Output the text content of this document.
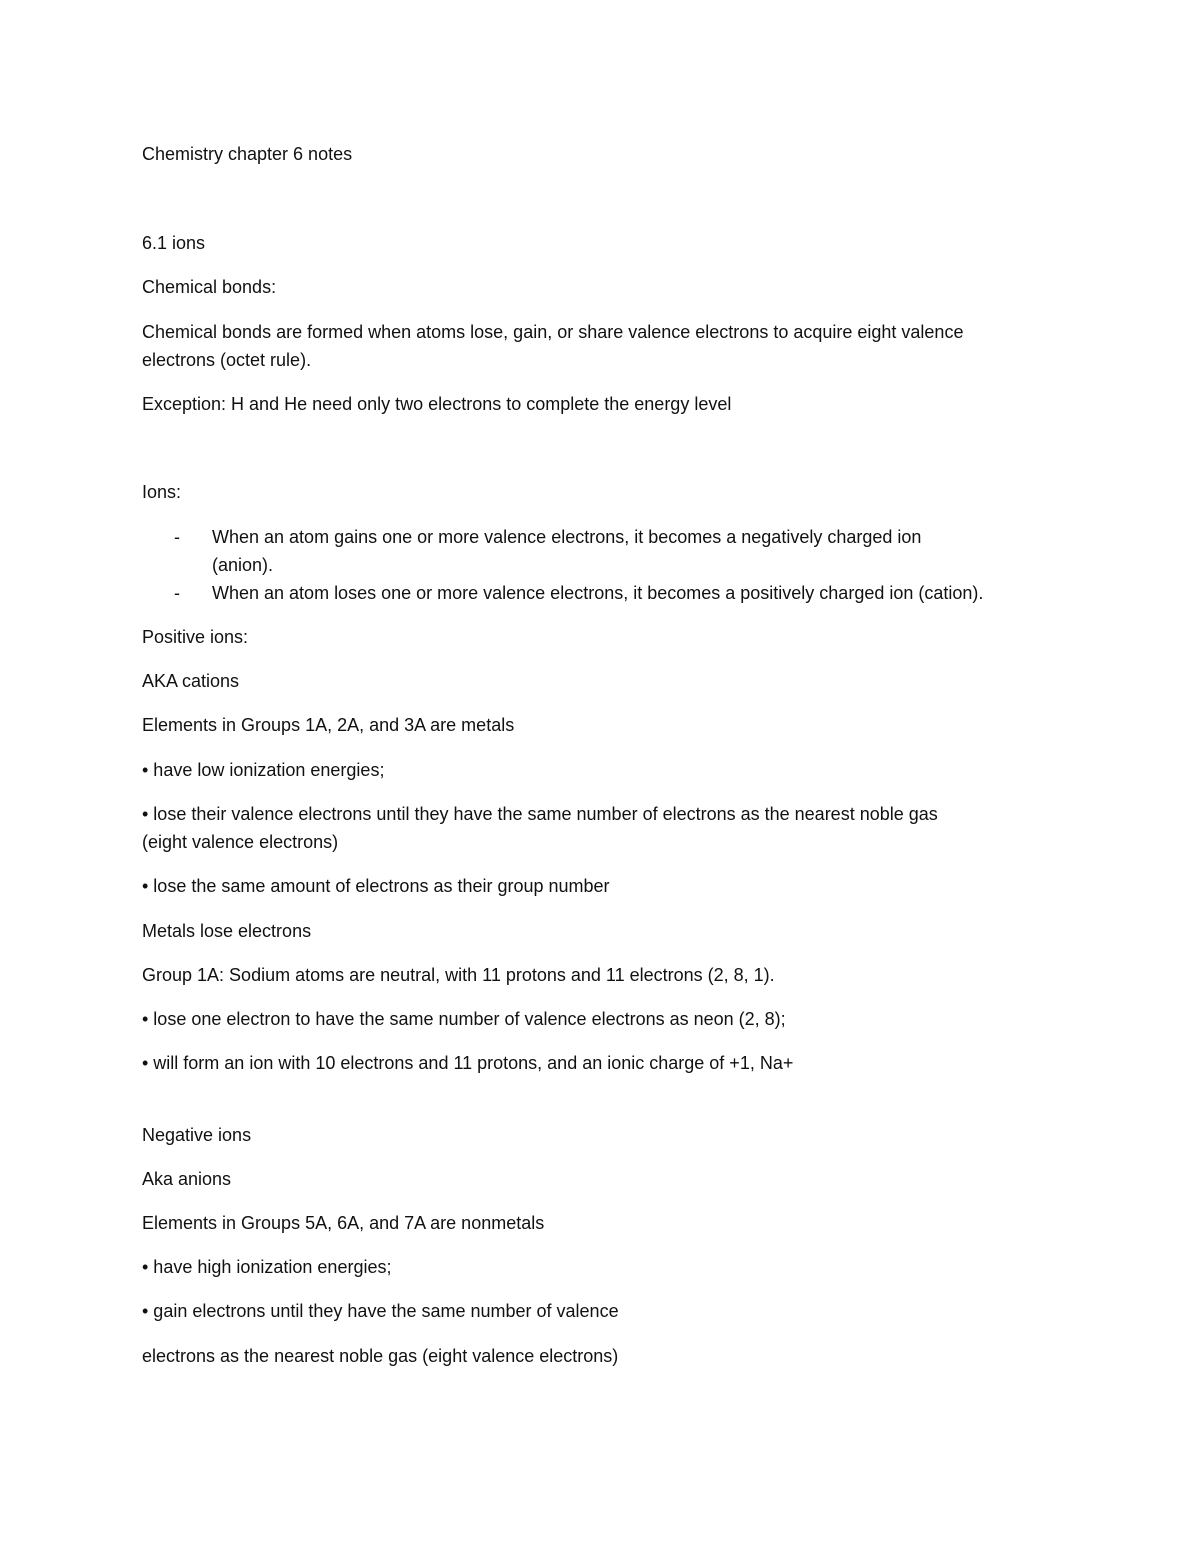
Chemistry chapter 6 notes

6.1 ions

Chemical bonds:

Chemical bonds are formed when atoms lose, gain, or share valence electrons to acquire eight valence

electrons (octet rule).

Exception: H and He need only two electrons to complete the energy level

Ions:

- When an atom gains one or more valence electrons, it becomes a negatively charged ion

(anion).

- When an atom loses one or more valence electrons, it becomes a positively charged ion (cation).

Positive ions:

AKA cations

Elements in Groups 1A, 2A, and 3A are metals

• have low ionization energies;

• lose their valence electrons until they have the same number of electrons as the nearest noble gas

(eight valence electrons)

• lose the same amount of electrons as their group number

Metals lose electrons

Group 1A: Sodium atoms are neutral, with 11 protons and 11 electrons (2, 8, 1).

• lose one electron to have the same number of valence electrons as neon (2, 8);

• will form an ion with 10 electrons and 11 protons, and an ionic charge of +1, Na+

Negative ions

Aka anions

Elements in Groups 5A, 6A, and 7A are nonmetals

• have high ionization energies;

• gain electrons until they have the same number of valence

electrons as the nearest noble gas (eight valence electrons)
